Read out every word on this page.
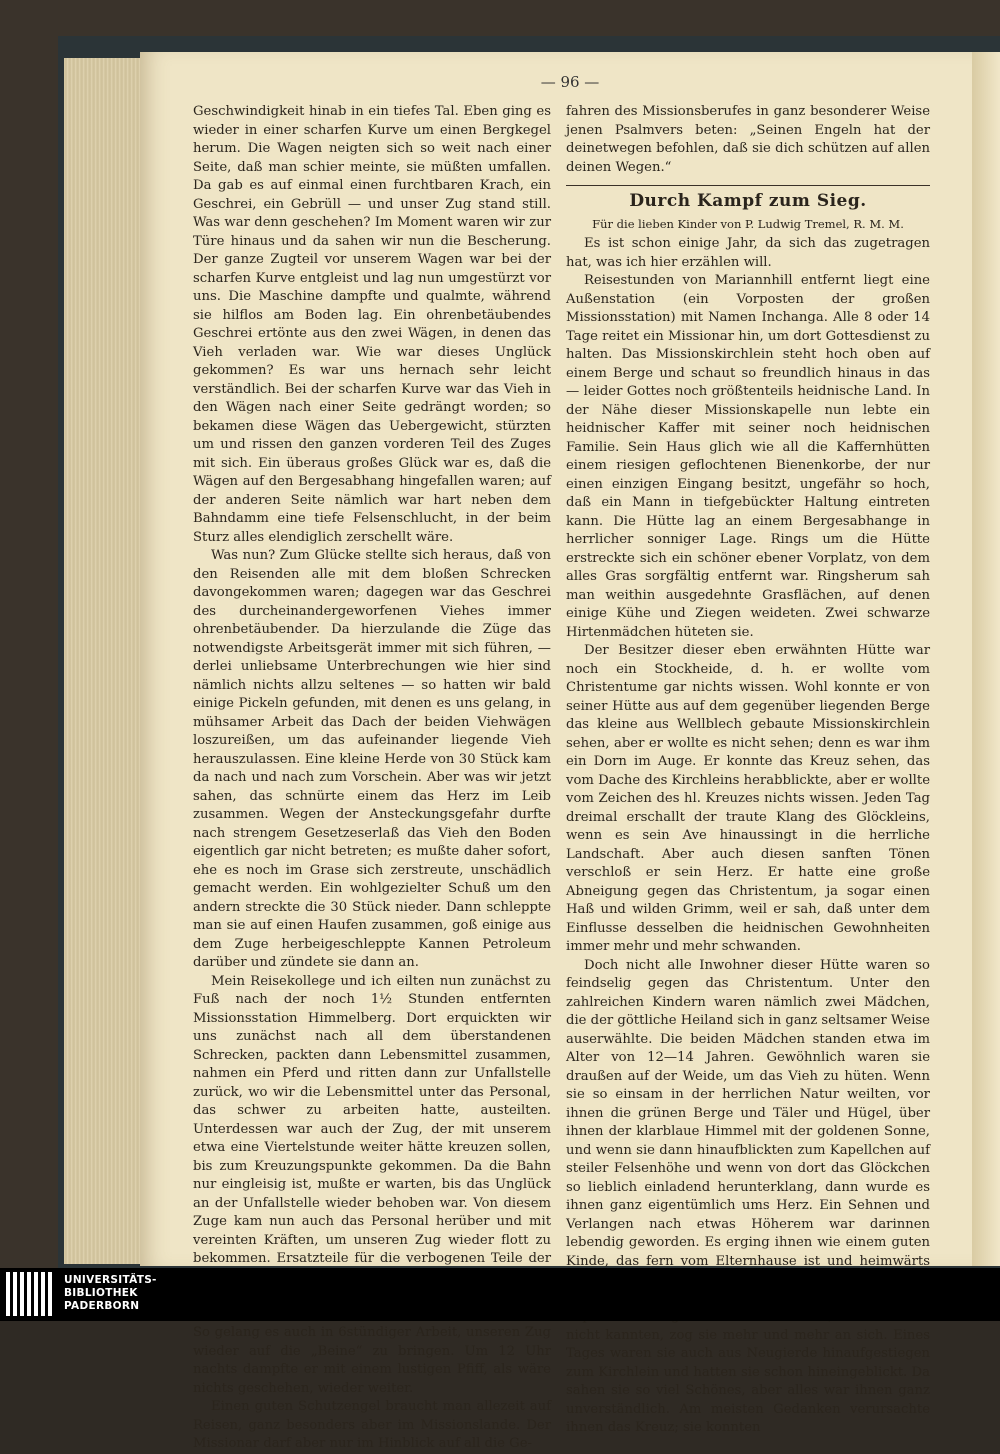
— 96 —

Geschwindigkeit hinab in ein tiefes Tal. Eben ging es wieder in einer scharfen Kurve um einen Bergkegel herum. Die Wagen neigten sich so weit nach einer Seite, daß man schier meinte, sie müßten umfallen. Da gab es auf einmal einen furchtbaren Krach, ein Geschrei, ein Gebrüll — und unser Zug stand still. Was war denn geschehen? Im Moment waren wir zur Türe hinaus und da sahen wir nun die Bescherung. Der ganze Zugteil vor unserem Wagen war bei der scharfen Kurve entgleist und lag nun umgestürzt vor uns. Die Maschine dampfte und qualmte, während sie hilflos am Boden lag. Ein ohrenbetäubendes Geschrei ertönte aus den zwei Wägen, in denen das Vieh verladen war. Wie war dieses Unglück gekommen? Es war uns hernach sehr leicht verständlich. Bei der scharfen Kurve war das Vieh in den Wägen nach einer Seite gedrängt worden; so bekamen diese Wägen das Uebergewicht, stürzten um und rissen den ganzen vorderen Teil des Zuges mit sich. Ein überaus großes Glück war es, daß die Wägen auf den Bergesabhang hingefallen waren; auf der anderen Seite nämlich war hart neben dem Bahndamm eine tiefe Felsenschlucht, in der beim Sturz alles elendiglich zerschellt wäre.

Was nun? Zum Glücke stellte sich heraus, daß von den Reisenden alle mit dem bloßen Schrecken davongekommen waren; dagegen war das Geschrei des durcheinandergeworfenen Viehes immer ohrenbetäubender. Da hierzulande die Züge das notwendigste Arbeitsgerät immer mit sich führen, — derlei unliebsame Unterbrechungen wie hier sind nämlich nichts allzu seltenes — so hatten wir bald einige Pickeln gefunden, mit denen es uns gelang, in mühsamer Arbeit das Dach der beiden Viehwägen loszureißen, um das aufeinander liegende Vieh herauszulassen. Eine kleine Herde von 30 Stück kam da nach und nach zum Vorschein. Aber was wir jetzt sahen, das schnürte einem das Herz im Leib zusammen. Wegen der Ansteckungsgefahr durfte nach strengem Gesetzeserlaß das Vieh den Boden eigentlich gar nicht betreten; es mußte daher sofort, ehe es noch im Grase sich zerstreute, unschädlich gemacht werden. Ein wohlgezielter Schuß um den andern streckte die 30 Stück nieder. Dann schleppte man sie auf einen Haufen zusammen, goß einige aus dem Zuge herbeigeschleppte Kannen Petroleum darüber und zündete sie dann an.

Mein Reisekollege und ich eilten nun zunächst zu Fuß nach der noch 1½ Stunden entfernten Missionsstation Himmelberg. Dort erquickten wir uns zunächst nach all dem überstandenen Schrecken, packten dann Lebensmittel zusammen, nahmen ein Pferd und ritten dann zur Unfallstelle zurück, wo wir die Lebensmittel unter das Personal, das schwer zu arbeiten hatte, austeilten. Unterdessen war auch der Zug, der mit unserem etwa eine Viertelstunde weiter hätte kreuzen sollen, bis zum Kreuzungspunkte gekommen. Da die Bahn nur eingleisig ist, mußte er warten, bis das Unglück an der Unfallstelle wieder behoben war. Von diesem Zuge kam nun auch das Personal herüber und mit vereinten Kräften, um unseren Zug wieder flott zu bekommen. Ersatzteile für die verbogenen Teile der So gelang es auch in 6stündiger Arbeit, unseren Zug wieder auf die „Beine“ zu bringen. Um 12 Uhr nachts dampfte er mit einem lustigen Pfiff, als wäre nichts geschehen, wieder weiter.

Einen guten Schutzengel braucht man allezeit auf Reisen, ganz besonders aber im Missionslande. Der Missionar darf aber nur im Hinblick auf all die Ge-

fahren des Missionsberufes in ganz besonderer Weise jenen Psalmvers beten: „Seinen Engeln hat der deinetwegen befohlen, daß sie dich schützen auf allen deinen Wegen.“

Durch Kampf zum Sieg.
Für die lieben Kinder von P. Ludwig Tremel, R. M. M.

Es ist schon einige Jahr, da sich das zugetragen hat, was ich hier erzählen will.

Reisestunden von Mariannhill entfernt liegt eine Außenstation (ein Vorposten der großen Missionsstation) mit Namen Inchanga. Alle 8 oder 14 Tage reitet ein Missionar hin, um dort Gottesdienst zu halten. Das Missionskirchlein steht hoch oben auf einem Berge und schaut so freundlich hinaus in das — leider Gottes noch größtenteils heidnische Land. In der Nähe dieser Missionskapelle nun lebte ein heidnischer Kaffer mit seiner noch heidnischen Familie. Sein Haus glich wie all die Kaffernhütten einem riesigen geflochtenen Bienenkorbe, der nur einen einzigen Eingang besitzt, ungefähr so hoch, daß ein Mann in tiefgebückter Haltung eintreten kann. Die Hütte lag an einem Bergesabhange in herrlicher sonniger Lage. Rings um die Hütte erstreckte sich ein schöner ebener Vorplatz, von dem alles Gras sorgfältig entfernt war. Ringsherum sah man weithin ausgedehnte Grasflächen, auf denen einige Kühe und Ziegen weideten. Zwei schwarze Hirtenmädchen hüteten sie.

Der Besitzer dieser eben erwähnten Hütte war noch ein Stockheide, d. h. er wollte vom Christentume gar nichts wissen. Wohl konnte er von seiner Hütte aus auf dem gegenüber liegenden Berge das kleine aus Wellblech gebaute Missionskirchlein sehen, aber er wollte es nicht sehen; denn es war ihm ein Dorn im Auge. Er konnte das Kreuz sehen, das vom Dache des Kirchleins herabblickte, aber er wollte vom Zeichen des hl. Kreuzes nichts wissen. Jeden Tag dreimal erschallt der traute Klang des Glöckleins, wenn es sein Ave hinaussingt in die herrliche Landschaft. Aber auch diesen sanften Tönen verschloß er sein Herz. Er hatte eine große Abneigung gegen das Christentum, ja sogar einen Haß und wilden Grimm, weil er sah, daß unter dem Einflusse desselben die heidnischen Gewohnheiten immer mehr und mehr schwanden.

Doch nicht alle Inwohner dieser Hütte waren so feindselig gegen das Christentum. Unter den zahlreichen Kindern waren nämlich zwei Mädchen, die der göttliche Heiland sich in ganz seltsamer Weise auserwählte. Die beiden Mädchen standen etwa im Alter von 12—14 Jahren. Gewöhnlich waren sie draußen auf der Weide, um das Vieh zu hüten. Wenn sie so einsam in der herrlichen Natur weilten, vor ihnen die grünen Berge und Täler und Hügel, über ihnen der klarblaue Himmel mit der goldenen Sonne, und wenn sie dann hinaufblickten zum Kapellchen auf steiler Felsenhöhe und wenn von dort das Glöckchen so lieblich einladend herunterklang, dann wurde es ihnen ganz eigentümlich ums Herz. Ein Sehnen und Verlangen nach etwas Höherem war darinnen lebendig geworden. Es erging ihnen wie einem guten Kinde, das fern vom Elternhause ist und heimwärts nicht kannten, zog sie mehr und mehr an sich. Eines Tages waren sie auch aus Neugierde hinaufgestiegen zum Kirchlein und hatten sie schon hineingeblickt. Da sahen sie so viel Schönes, aber alles war ihnen ganz unverständlich. Am meisten Gedanken verursachte ihnen das Kreuz; sie konnten

UNIVERSITÄTS-
BIBLIOTHEK
PADERBORN
